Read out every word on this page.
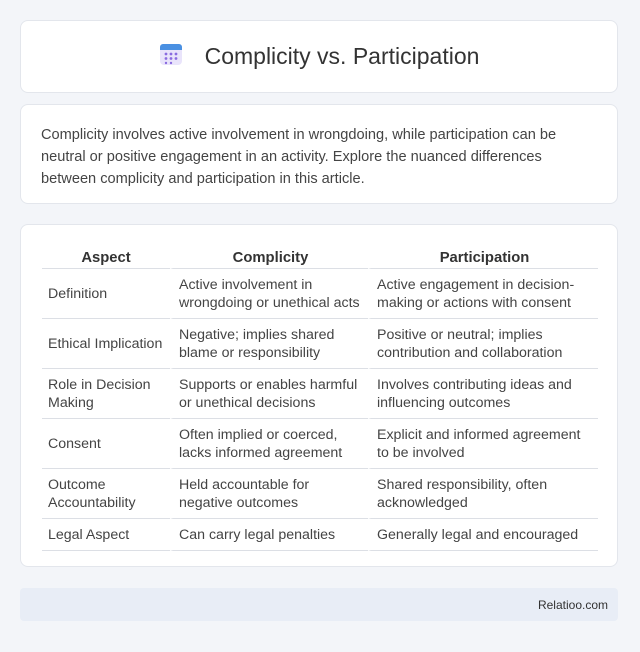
Complicity vs. Participation

Complicity involves active involvement in wrongdoing, while participation can be neutral or positive engagement in an activity. Explore the nuanced differences between complicity and participation in this article.

Aspect	Complicity	Participation
Definition	Active involvement in wrongdoing or unethical acts	Active engagement in decision-making or actions with consent
Ethical Implication	Negative; implies shared blame or responsibility	Positive or neutral; implies contribution and collaboration
Role in Decision Making	Supports or enables harmful or unethical decisions	Involves contributing ideas and influencing outcomes
Consent	Often implied or coerced, lacks informed agreement	Explicit and informed agreement to be involved
Outcome Accountability	Held accountable for negative outcomes	Shared responsibility, often acknowledged
Legal Aspect	Can carry legal penalties	Generally legal and encouraged
Relatioo.com
